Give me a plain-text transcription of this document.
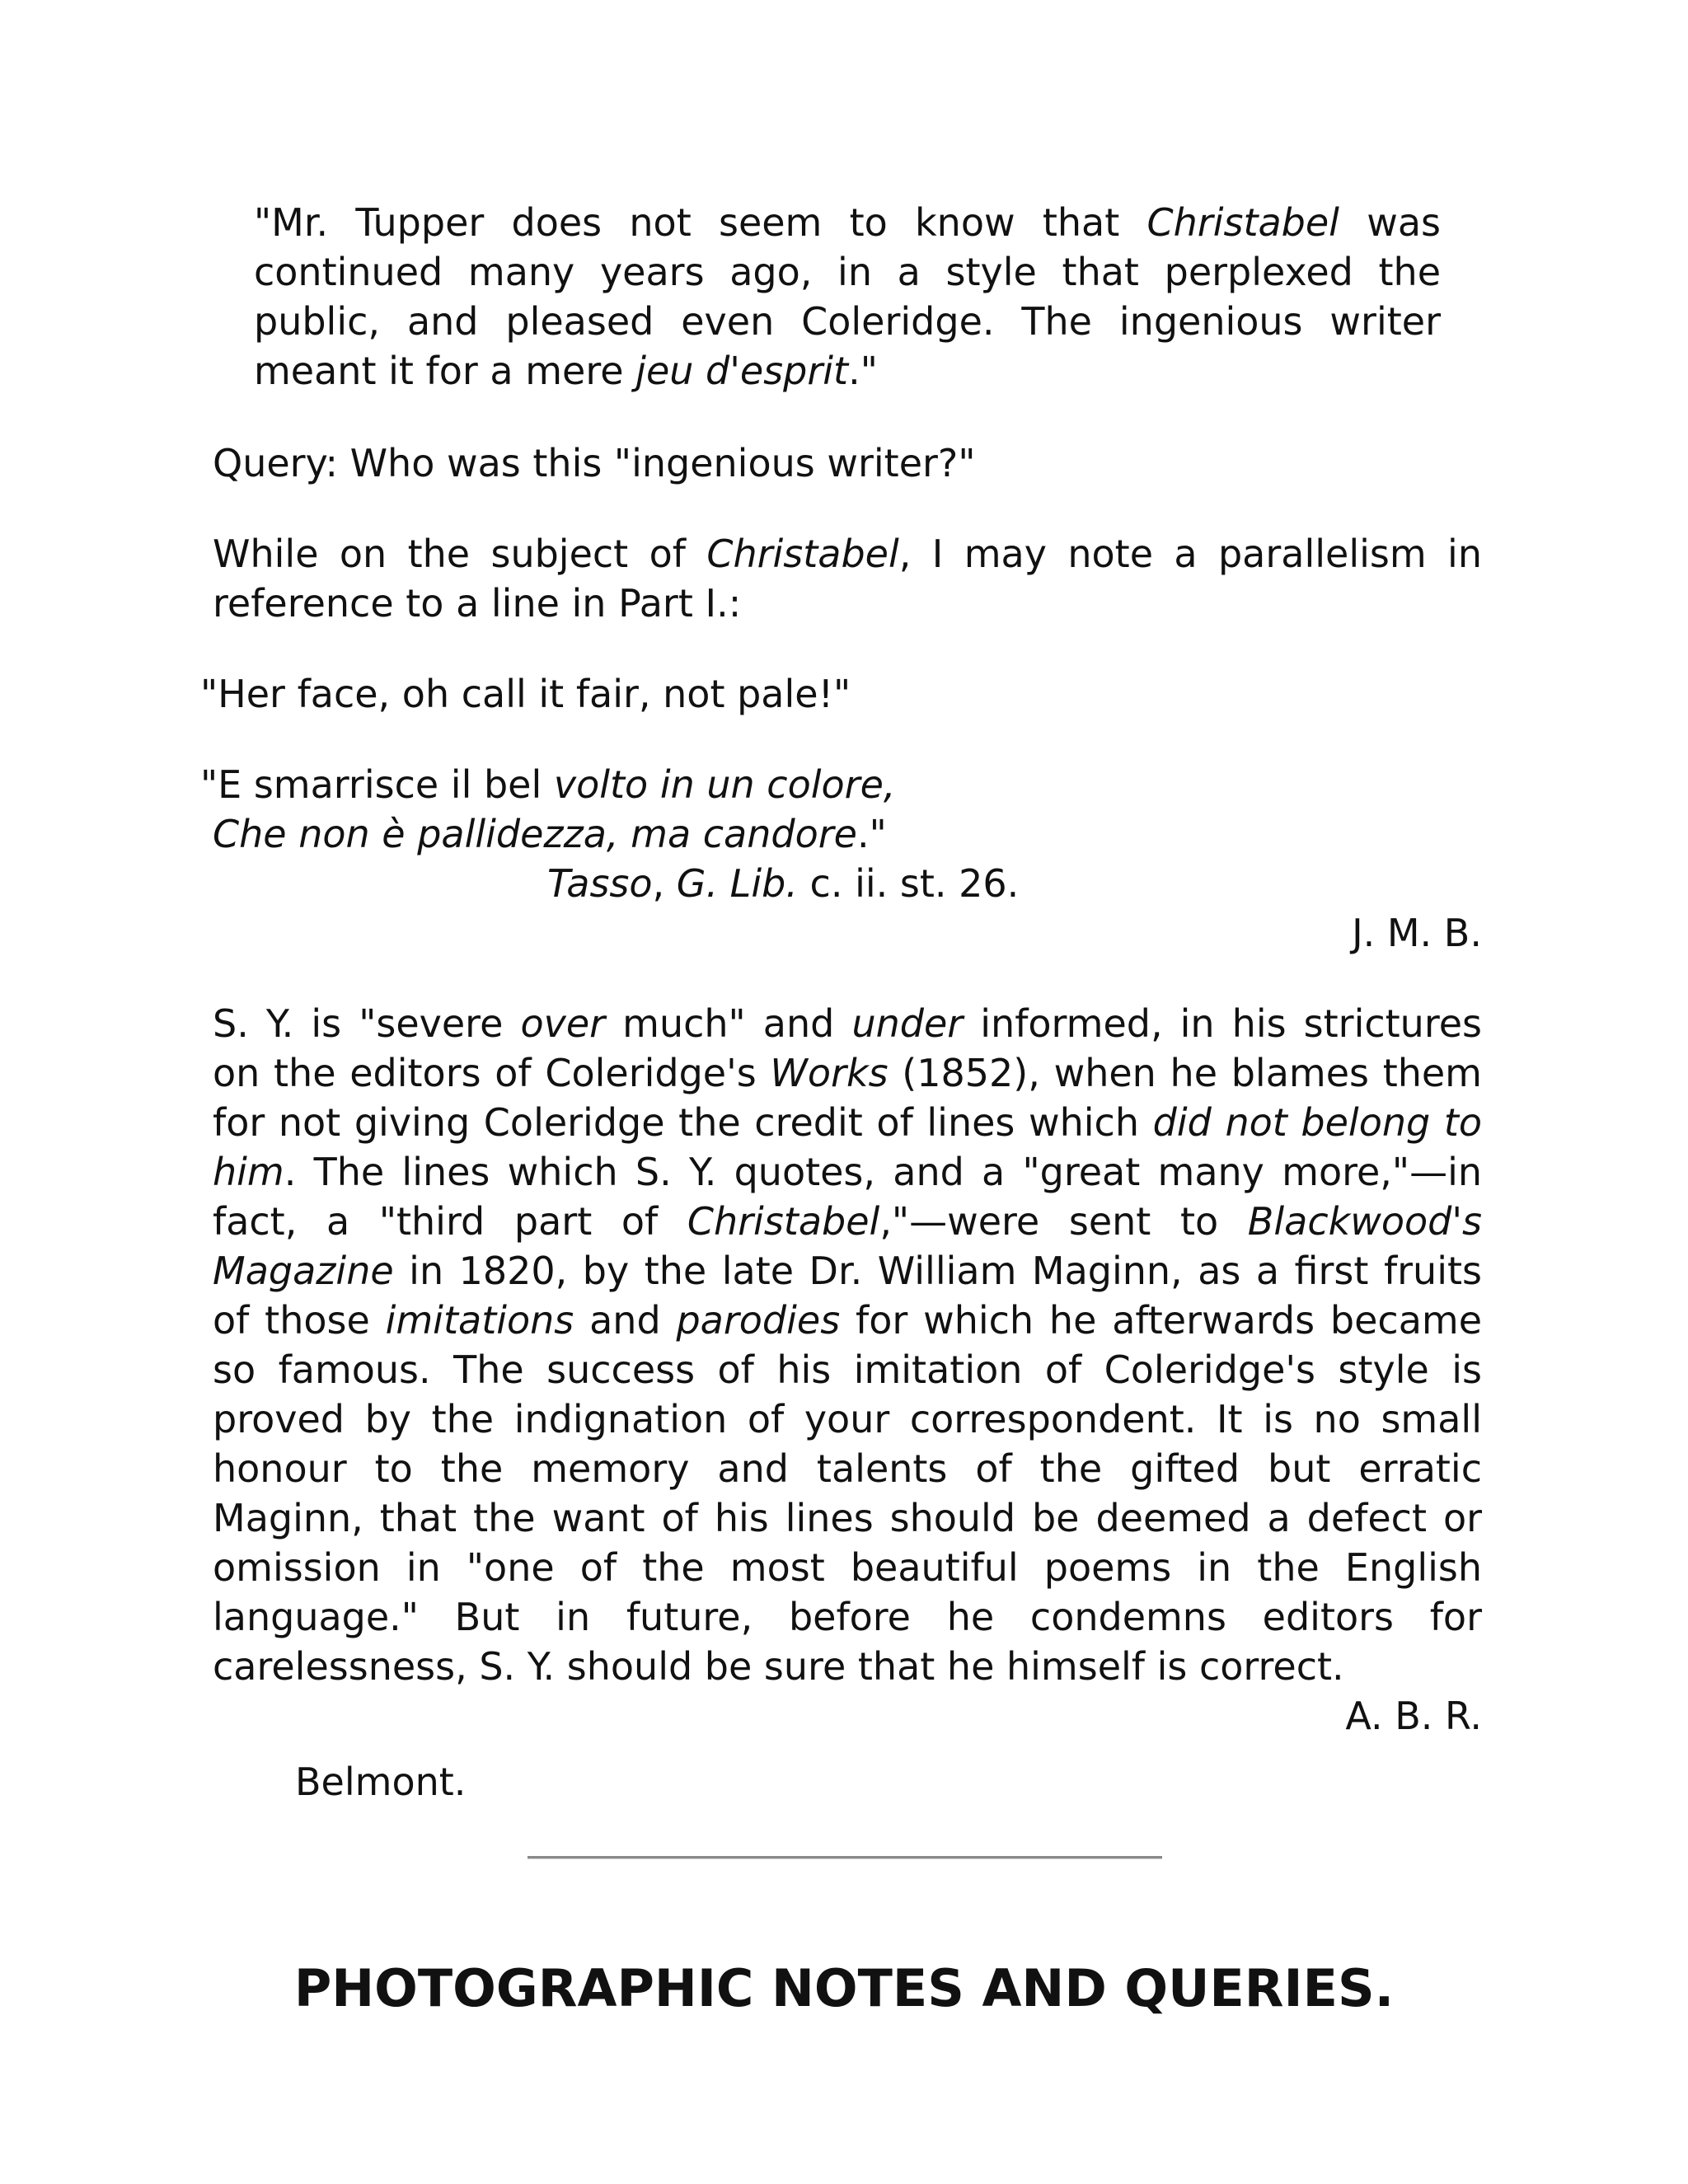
"Mr. Tupper does not seem to know that Christabel was continued many years ago, in a style that perplexed the public, and pleased even Coleridge. The ingenious writer meant it for a mere jeu d'esprit."

Query: Who was this "ingenious writer?"

While on the subject of Christabel, I may note a parallelism in reference to a line in Part I.:

"Her face, oh call it fair, not pale!"

"E smarrisce il bel volto in un colore,

Che non è pallidezza, ma candore."

Tasso, G. Lib. c. ii. st. 26.

J. M. B.

S. Y. is "severe over much" and under informed, in his strictures on the editors of Coleridge's Works (1852), when he blames them for not giving Coleridge the credit of lines which did not belong to him. The lines which S. Y. quotes, and a "great many more,"—in fact, a "third part of Christabel,"—were sent to Blackwood's Magazine in 1820, by the late Dr. William Maginn, as a first fruits of those imitations and parodies for which he afterwards became so famous. The success of his imitation of Coleridge's style is proved by the indignation of your correspondent. It is no small honour to the memory and talents of the gifted but erratic Maginn, that the want of his lines should be deemed a defect or omission in "one of the most beautiful poems in the English language." But in future, before he condemns editors for carelessness, S. Y. should be sure that he himself is correct.

A. B. R.

Belmont.

PHOTOGRAPHIC NOTES AND QUERIES.
